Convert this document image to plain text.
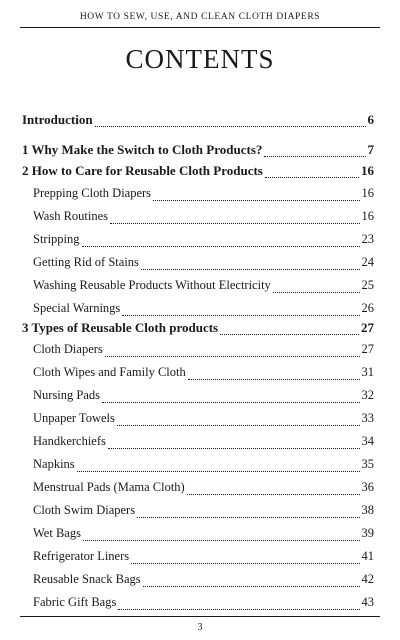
HOW TO SEW, USE, AND CLEAN CLOTH DIAPERS
CONTENTS
Introduction	6
1 Why Make the Switch to Cloth Products?	7
2 How to Care for Reusable Cloth Products	16
Prepping Cloth Diapers	16
Wash Routines	16
Stripping	23
Getting Rid of Stains	24
Washing Reusable Products Without Electricity	25
Special Warnings	26
3 Types of Reusable Cloth products	27
Cloth Diapers	27
Cloth Wipes and Family Cloth	31
Nursing Pads	32
Unpaper Towels	33
Handkerchiefs	34
Napkins	35
Menstrual Pads (Mama Cloth)	36
Cloth Swim Diapers	38
Wet Bags	39
Refrigerator Liners	41
Reusable Snack Bags	42
Fabric Gift Bags	43
3
